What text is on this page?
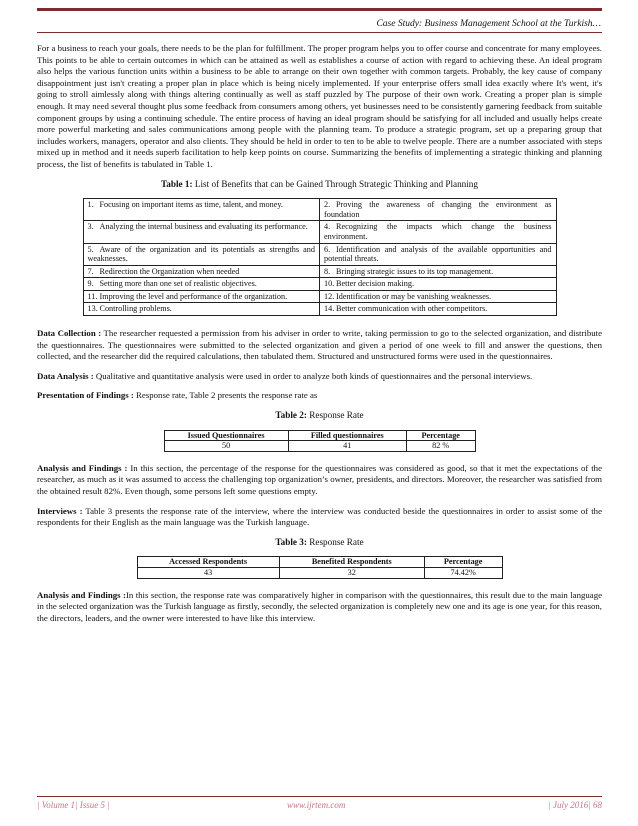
Case Study: Business Management School at the Turkish…

For a business to reach your goals, there needs to be the plan for fulfillment. The proper program helps you to offer course and concentrate for many employees. This points to be able to certain outcomes in which can be attained as well as establishes a course of action with regard to achieving these. An ideal program also helps the various function units within a business to be able to arrange on their own together with common targets. Probably, the key cause of company disappointment just isn't creating a proper plan in place which is being nicely implemented. If your enterprise offers small idea exactly where It's went, it's going to stroll aimlessly along with things altering continually as well as staff puzzled by The purpose of their own work. Creating a proper plan is simple enough. It may need several thought plus some feedback from consumers among others, yet businesses need to be consistently garnering feedback from suitable component groups by using a continuing schedule. The entire process of having an ideal program should be satisfying for all included and usually helps create more powerful marketing and sales communications among people with the planning team. To produce a strategic program, set up a preparing group that includes workers, managers, operator and also clients. They should be held in order to ten to be able to twelve people. There are a number associated with steps mixed up in method and it needs superb facilitation to help keep points on course. Summarizing the benefits of implementing a strategic thinking and planning process, the list of benefits is tabulated in Table 1.

Table 1: List of Benefits that can be Gained Through Strategic Thinking and Planning
1. Focusing on important items as time, talent, and money.	2. Proving the awareness of changing the environment as foundation
3. Analyzing the internal business and evaluating its performance.	4. Recognizing the impacts which change the business environment.
5. Aware of the organization and its potentials as strengths and weaknesses.	6. Identification and analysis of the available opportunities and potential threats.
7. Redirection the Organization when needed	8. Bringing strategic issues to its top management.
9. Setting more than one set of realistic objectives.	10. Better decision making.
11. Improving the level and performance of the organization.	12. Identification or may be vanishing weaknesses.
13. Controlling problems.	14. Better communication with other competitors.

Data Collection : The researcher requested a permission from his adviser in order to write, taking permission to go to the selected organization, and distribute the questionnaires. The questionnaires were submitted to the selected organization and given a period of one week to fill and answer the questions, then collected, and the researcher did the required calculations, then tabulated them. Structured and unstructured forms were used in the questionnaires.

Data Analysis : Qualitative and quantitative analysis were used in order to analyze both kinds of questionnaires and the personal interviews.

Presentation of Findings : Response rate, Table 2 presents the response rate as

Table 2: Response Rate
Issued Questionnaires	Filled questionnaires	Percentage
50	41	82 %

Analysis and Findings : In this section, the percentage of the response for the questionnaires was considered as good, so that it met the expectations of the researcher, as much as it was assumed to access the challenging top organization’s owner, presidents, and directors. Moreover, the researcher was satisfied from the obtained result 82%. Even though, some persons left some questions empty.

Interviews : Table 3 presents the response rate of the interview, where the interview was conducted beside the questionnaires in order to assist some of the respondents for their English as the main language was the Turkish language.

Table 3: Response Rate
Accessed Respondents	Benefited Respondents	Percentage
43	32	74.42%

Analysis and Findings :In this section, the response rate was comparatively higher in comparison with the questionnaires, this result due to the main language in the selected organization was the Turkish language as firstly, secondly, the selected organization is completely new one and its age is one year, for this reason, the directors, leaders, and the owner were interested to have like this interview.

| Volume 1| Issue 5 |	www.ijrtem.com	| July 2016| 68
